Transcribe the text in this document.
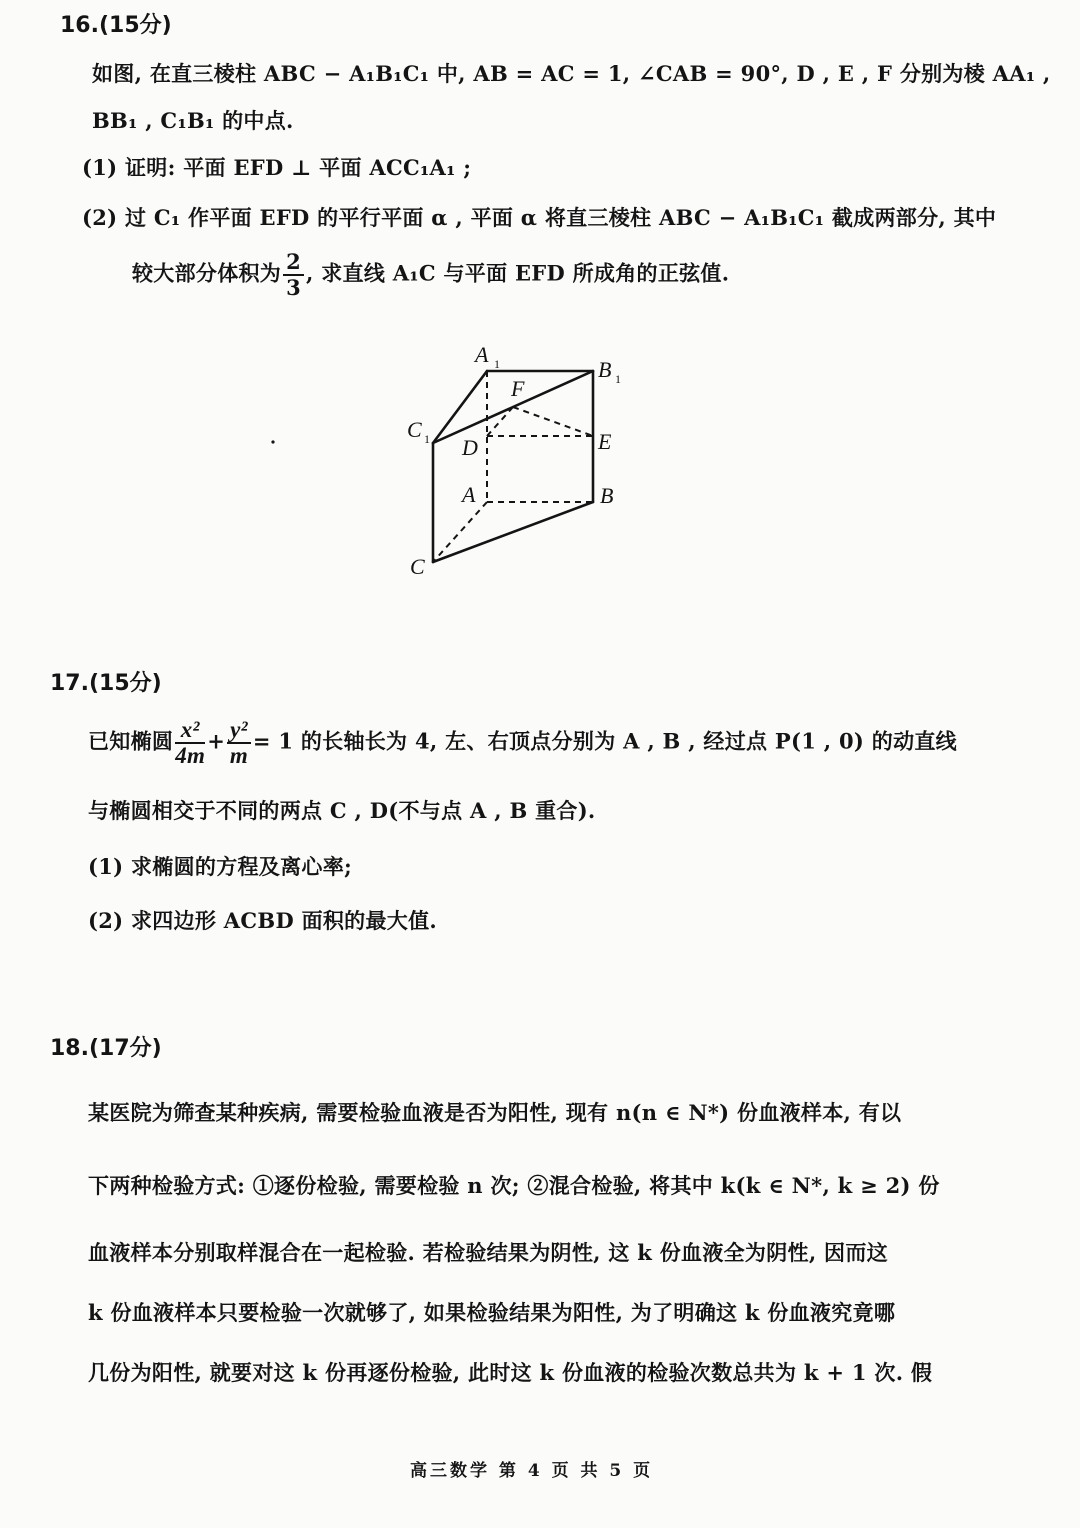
16.(15分)
如图, 在直三棱柱 ABC − A₁B₁C₁ 中, AB = AC = 1, ∠CAB = 90°, D , E , F 分别为棱 AA₁ ,
BB₁ , C₁B₁ 的中点.
(1) 证明: 平面 EFD ⊥ 平面 ACC₁A₁ ;
(2) 过 C₁ 作平面 EFD 的平行平面 α , 平面 α 将直三棱柱 ABC − A₁B₁C₁ 截成两部分, 其中
较大部分体积为 $\frac{2}{3}$ , 求直线 A₁C 与平面 EFD 所成角的正弦值.
A 1	B 1
C 1
F
D	E
A	B
C
17.(15分)
已知椭圆 $\frac{\text{x²}}{4m} + \frac{\text{y²}}{m} = 1$ 的长轴长为 4, 左、右顶点分别为 A , B , 经过点 P(1 , 0) 的动直线
与椭圆相交于不同的两点 C , D(不与点 A , B 重合).
(1) 求椭圆的方程及离心率;
(2) 求四边形 ACBD 面积的最大值.
18.(17分)
某医院为筛查某种疾病, 需要检验血液是否为阳性, 现有 n(n ∈ N*) 份血液样本, 有以
下两种检验方式: ①逐份检验, 需要检验 n 次; ②混合检验, 将其中 k(k ∈ N*, k ≥ 2) 份
血液样本分别取样混合在一起检验. 若检验结果为阴性, 这 k 份血液全为阴性, 因而这
k 份血液样本只要检验一次就够了, 如果检验结果为阳性, 为了明确这 k 份血液究竟哪
几份为阳性, 就要对这 k 份再逐份检验, 此时这 k 份血液的检验次数总共为 k + 1 次. 假
高三数学 第 4 页 共 5 页
